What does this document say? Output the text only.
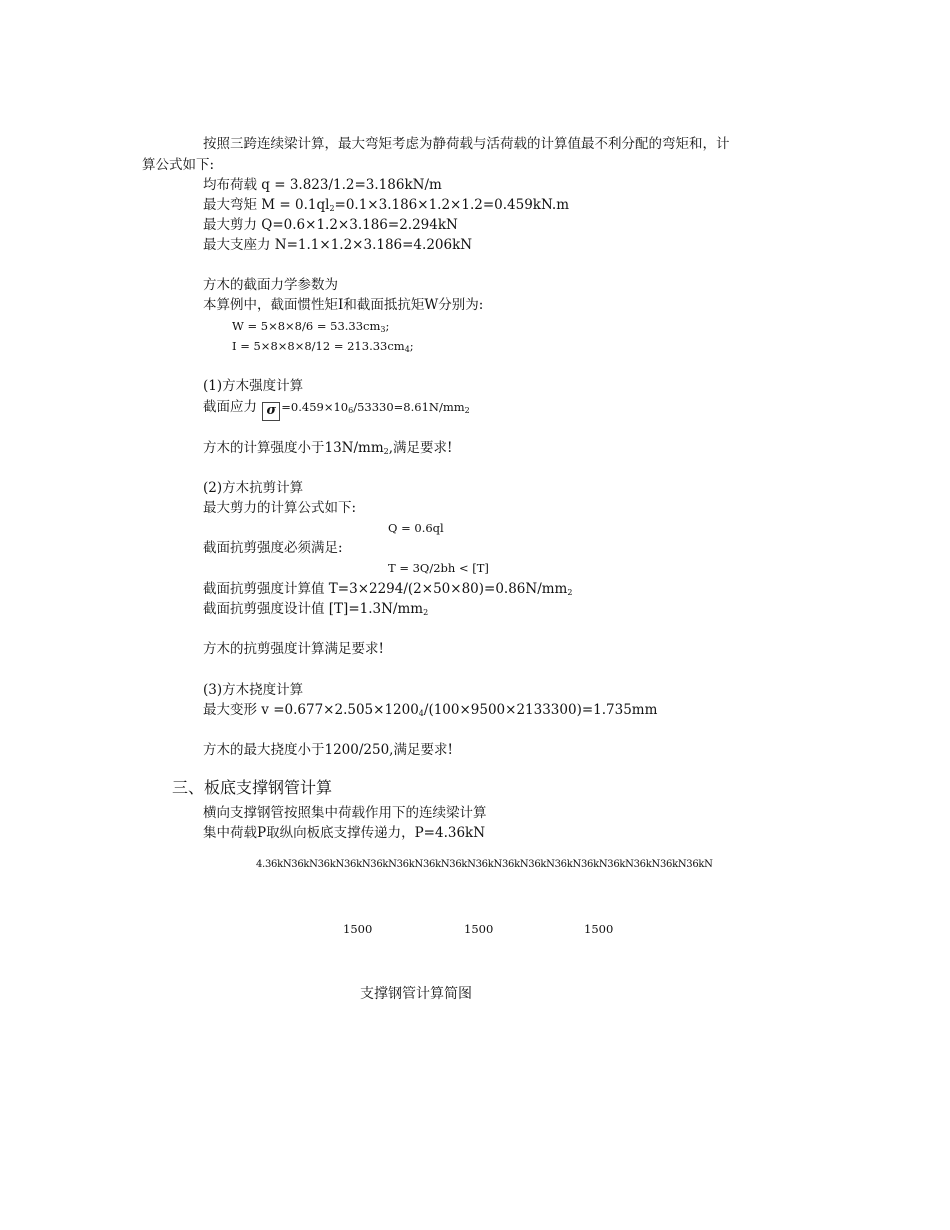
按照三跨连续梁计算，最大弯矩考虑为静荷载与活荷载的计算值最不利分配的弯矩和，计
算公式如下:
均布荷载 q = 3.823/1.2=3.186kN/m
最大弯矩 $M = 0.1ql_2=0.1\times 3.186\times 1.2\times 1.2=0.459kN.m$
最大剪力 Q=0.6×1.2×3.186=2.294kN
最大支座力 N=1.1×1.2×3.186=4.206kN
方木的截面力学参数为
本算例中，截面惯性矩I和截面抵抗矩W分别为:
$W = 5\times 8\times 8/6 = 53.33cm_3$;
$I = 5\times 8\times 8\times 8/12 = 213.33cm_4$;
(1)方木强度计算
截面应力 $\sigma =0.459\times 10_6/53330=8.61N/mm_2$
方木的计算强度小于$13N/mm_2$,满足要求!
(2)方木抗剪计算
最大剪力的计算公式如下:
Q = 0.6ql
截面抗剪强度必须满足:
T = 3Q/2bh < [T]
截面抗剪强度计算值 $T=3\times 2294/(2\times 50\times 80)=0.86N/mm_2$
截面抗剪强度设计值 $[T]=1.3N/mm_2$
方木的抗剪强度计算满足要求!
(3)方木挠度计算
最大变形 $v =0.677\times 2.505\times 1200_4/(100\times 9500\times 2133300)=1.735mm$
方木的最大挠度小于1200/250,满足要求!
三、板底支撑钢管计算
横向支撑钢管按照集中荷载作用下的连续梁计算
集中荷载P取纵向板底支撑传递力，P=4.36kN
4.36kN36kN36kN36kN36kN36kN36kN36kN36kN36kN36kN36kN36kN36kN36kN36kN36kN
1500	1500	1500
支撑钢管计算简图
